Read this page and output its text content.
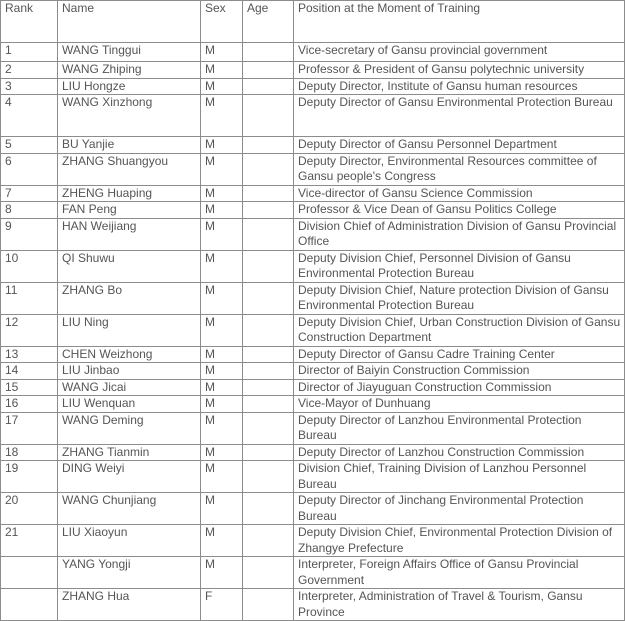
Rank	Name	Sex	Age	Position at the Moment of Training
1	WANG Tinggui	M		Vice-secretary of Gansu provincial government
2	WANG Zhiping	M		Professor & President of Gansu polytechnic university
3	LIU Hongze	M		Deputy Director, Institute of Gansu human resources
4	WANG Xinzhong	M		Deputy Director of Gansu Environmental Protection Bureau
5	BU Yanjie	M		Deputy Director of Gansu Personnel Department
6	ZHANG Shuangyou	M		Deputy Director, Environmental Resources committee of Gansu people's Congress
7	ZHENG Huaping	M		Vice-director of Gansu Science Commission
8	FAN Peng	M		Professor & Vice Dean of Gansu Politics College
9	HAN Weijiang	M		Division Chief of Administration Division of Gansu Provincial Office
10	QI Shuwu	M		Deputy Division Chief, Personnel Division of Gansu Environmental Protection Bureau
11	ZHANG Bo	M		Deputy Division Chief, Nature protection Division of Gansu Environmental Protection Bureau
12	LIU Ning	M		Deputy Division Chief, Urban Construction Division of Gansu Construction Department
13	CHEN Weizhong	M		Deputy Director of Gansu Cadre Training Center
14	LIU Jinbao	M		Director of Baiyin Construction Commission
15	WANG Jicai	M		Director of Jiayuguan Construction Commission
16	LIU Wenquan	M		Vice-Mayor of Dunhuang
17	WANG Deming	M		Deputy Director of Lanzhou Environmental Protection Bureau
18	ZHANG Tianmin	M		Deputy Director of Lanzhou Construction Commission
19	DING Weiyi	M		Division Chief, Training Division of Lanzhou Personnel Bureau
20	WANG Chunjiang	M		Deputy Director of Jinchang Environmental Protection Bureau
21	LIU Xiaoyun	M		Deputy Division Chief, Environmental Protection Division of Zhangye Prefecture
	YANG Yongji	M		Interpreter, Foreign Affairs Office of Gansu Provincial Government
	ZHANG Hua	F		Interpreter, Administration of Travel & Tourism, Gansu Province
